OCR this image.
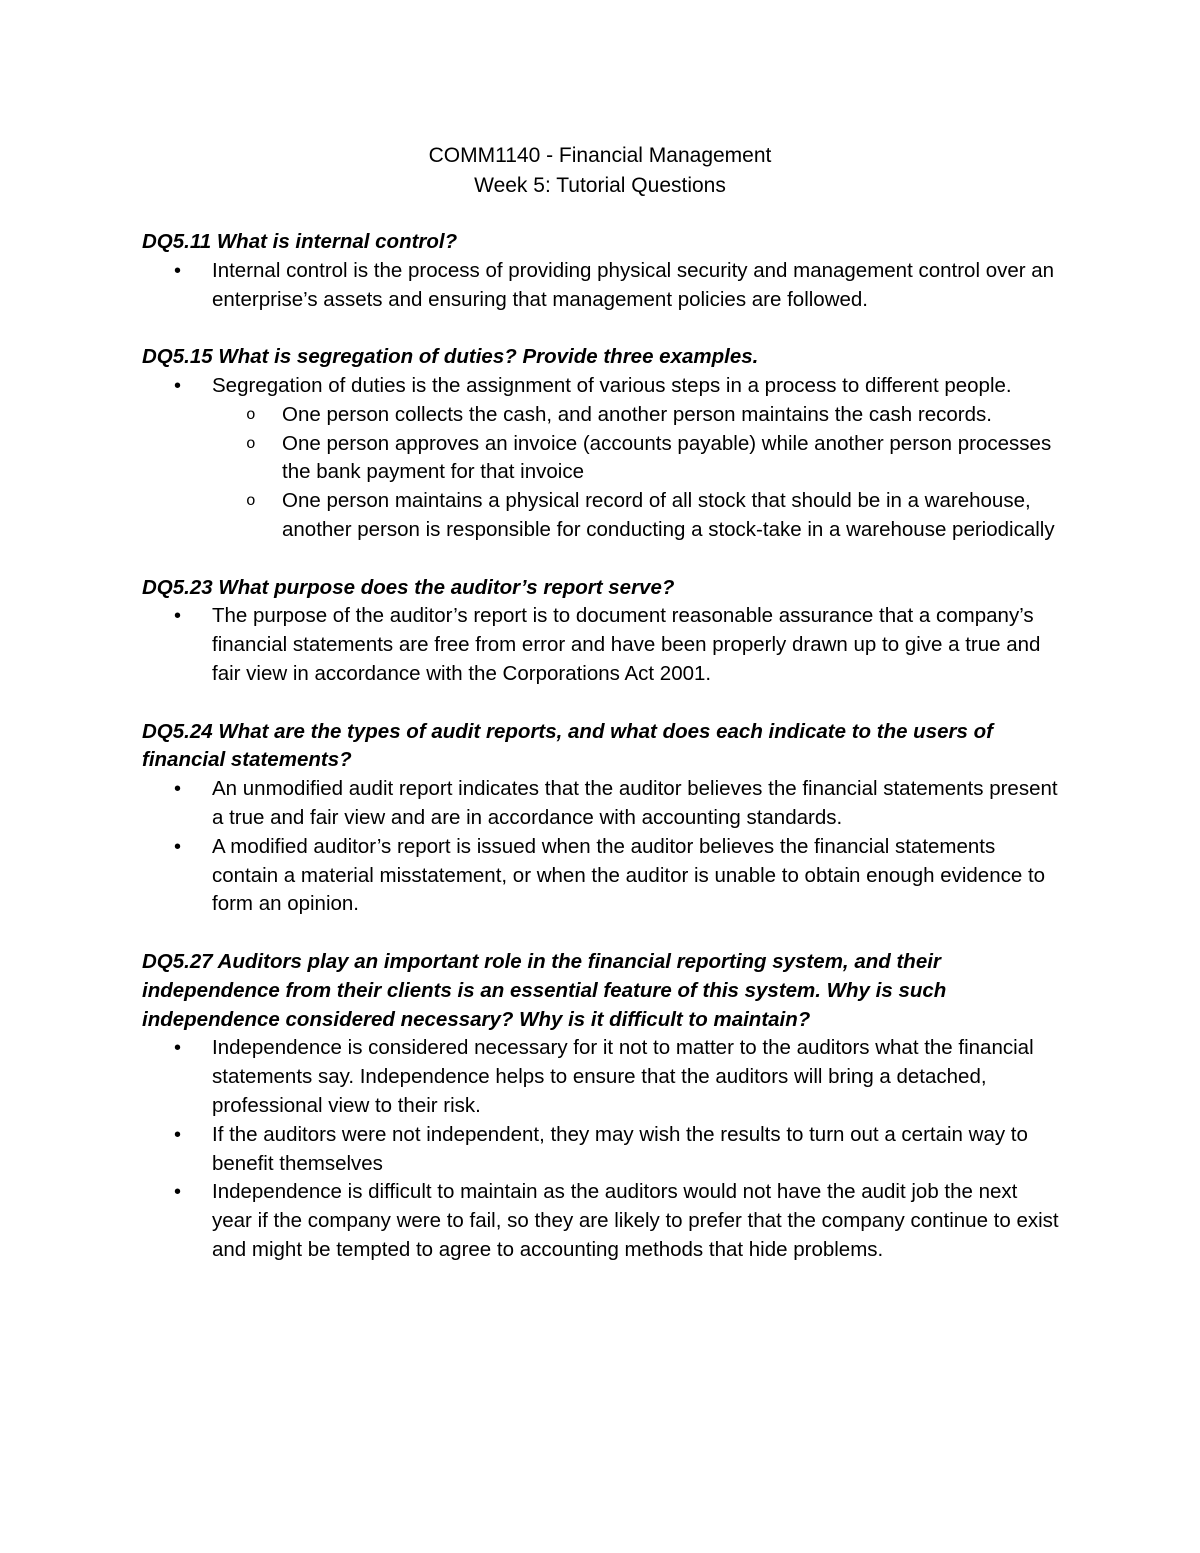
COMM1140 - Financial Management
Week 5: Tutorial Questions

DQ5.11 What is internal control?

• Internal control is the process of providing physical security and management control over an enterprise’s assets and ensuring that management policies are followed.

DQ5.15 What is segregation of duties? Provide three examples.

• Segregation of duties is the assignment of various steps in a process to different people.
o One person collects the cash, and another person maintains the cash records.
o One person approves an invoice (accounts payable) while another person processes the bank payment for that invoice
o One person maintains a physical record of all stock that should be in a warehouse, another person is responsible for conducting a stock-take in a warehouse periodically

DQ5.23 What purpose does the auditor’s report serve?

• The purpose of the auditor’s report is to document reasonable assurance that a company’s financial statements are free from error and have been properly drawn up to give a true and fair view in accordance with the Corporations Act 2001.

DQ5.24 What are the types of audit reports, and what does each indicate to the users of financial statements?

• An unmodified audit report indicates that the auditor believes the financial statements present a true and fair view and are in accordance with accounting standards.
• A modified auditor’s report is issued when the auditor believes the financial statements contain a material misstatement, or when the auditor is unable to obtain enough evidence to form an opinion.

DQ5.27 Auditors play an important role in the financial reporting system, and their independence from their clients is an essential feature of this system. Why is such independence considered necessary? Why is it difficult to maintain?

• Independence is considered necessary for it not to matter to the auditors what the financial statements say. Independence helps to ensure that the auditors will bring a detached, professional view to their risk.
• If the auditors were not independent, they may wish the results to turn out a certain way to benefit themselves
• Independence is difficult to maintain as the auditors would not have the audit job the next year if the company were to fail, so they are likely to prefer that the company continue to exist and might be tempted to agree to accounting methods that hide problems.
